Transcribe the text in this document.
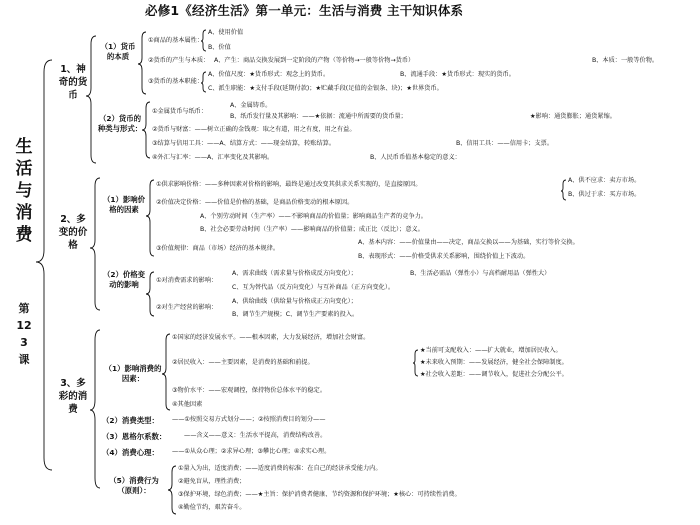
必修1《经济生活》第一单元：生活与消费 主干知识体系
生活与消费
第123课
1、神奇的货币
2、多变的价格
3、多彩的消费
（1）货币的本质
①商品的基本属性：
A、使用价值
B、价值
②货币的产生与本质： A、产生：商品交换发展到一定阶段的产物（等价物→一般等价物→货币）	B、本质：一般等价物。
③货币的基本职能：
A、价值尺度：★货币形式：观念上的货币。	B、流通手段：★货币形式：现实的货币。
C、派生职能：★支付手段(延期付款)；★贮藏手段(足值的金银条、块)；★世界货币。
（2）货币的种类与形式：
①金属货币与纸币：
A、金属铸币。
B、纸币发行量及其影响：——★依据：流通中所需要的货币量；	★影响：通货膨胀；通货紧缩。
②货币与财富：——树立正确的金钱观：取之有道，用之有度，用之有益。
③结算与信用工具：——A、结算方式：——现金结算，转账结算。	B、信用工具：——信用卡；支票。
④外汇与汇率：——A、汇率变化及其影响。	B、人民币币值基本稳定的意义：
（1）影响价格的因素
①供求影响价格：——多种因素对价格的影响，最终是通过改变其供求关系实现的，是直接原因。
A、供不应求：卖方市场。
B、供过于求：买方市场。
②价值决定价格：——价值是价格的基础，是商品价格变动的根本原因。
A、个别劳动时间（生产率）——不影响商品的价值量；影响商品生产者的竞争力。
B、社会必要劳动时间（生产率）——影响商品的价值量；成正比（反比）；意义。
③价值规律：商品（市场）经济的基本规律。
A、基本内容：——价值量由——决定，商品交换以——为基础，实行等价交换。
B、表现形式：——价格受供求关系影响，围绕价值上下波动。
（2）价格变动的影响	①对消费需求的影响：
A、需求曲线（需求量与价格成反方向变化）；	B、生活必需品（弹性小）与高档耐用品（弹性大）
C、互为替代品（反方向变化）与互补商品（正方向变化）。
②对生产经营的影响：
A、供给曲线（供给量与价格成正方向变化）；
B、调节生产规模；C、调节生产要素的投入。
（1）影响消费的因素：
①国家的经济发展水平。——根本因素，大力发展经济，增加社会财富。
②居民收入：——主要因素，是消费的基础和前提。
★当前可支配收入：——扩大就业，增加居民收入。
★未来收入预期：——发展经济，健全社会保障制度。
★社会收入差距：——调节收入，促进社会分配公平。
③物价水平：——宏观调控，保持物价总体水平的稳定。
④其他因素
（2）消费类型： ——①按照交易方式划分——；②按照消费目的划分——
（3）恩格尔系数：	——含义——意义：生活水平提高，消费结构改善。
（4）消费心理： ——①从众心理；②求异心理；③攀比心理；④求实心理。
（5）消费行为（原则）：
①量入为出，适度消费；——适度消费的标准：在自己的经济承受能力内。
②避免盲从，理性消费；
③保护环境，绿色消费；——★主旨：保护消费者健康、节约资源和保护环境；★核心：可持续性消费。
④勤俭节约，艰苦奋斗。
